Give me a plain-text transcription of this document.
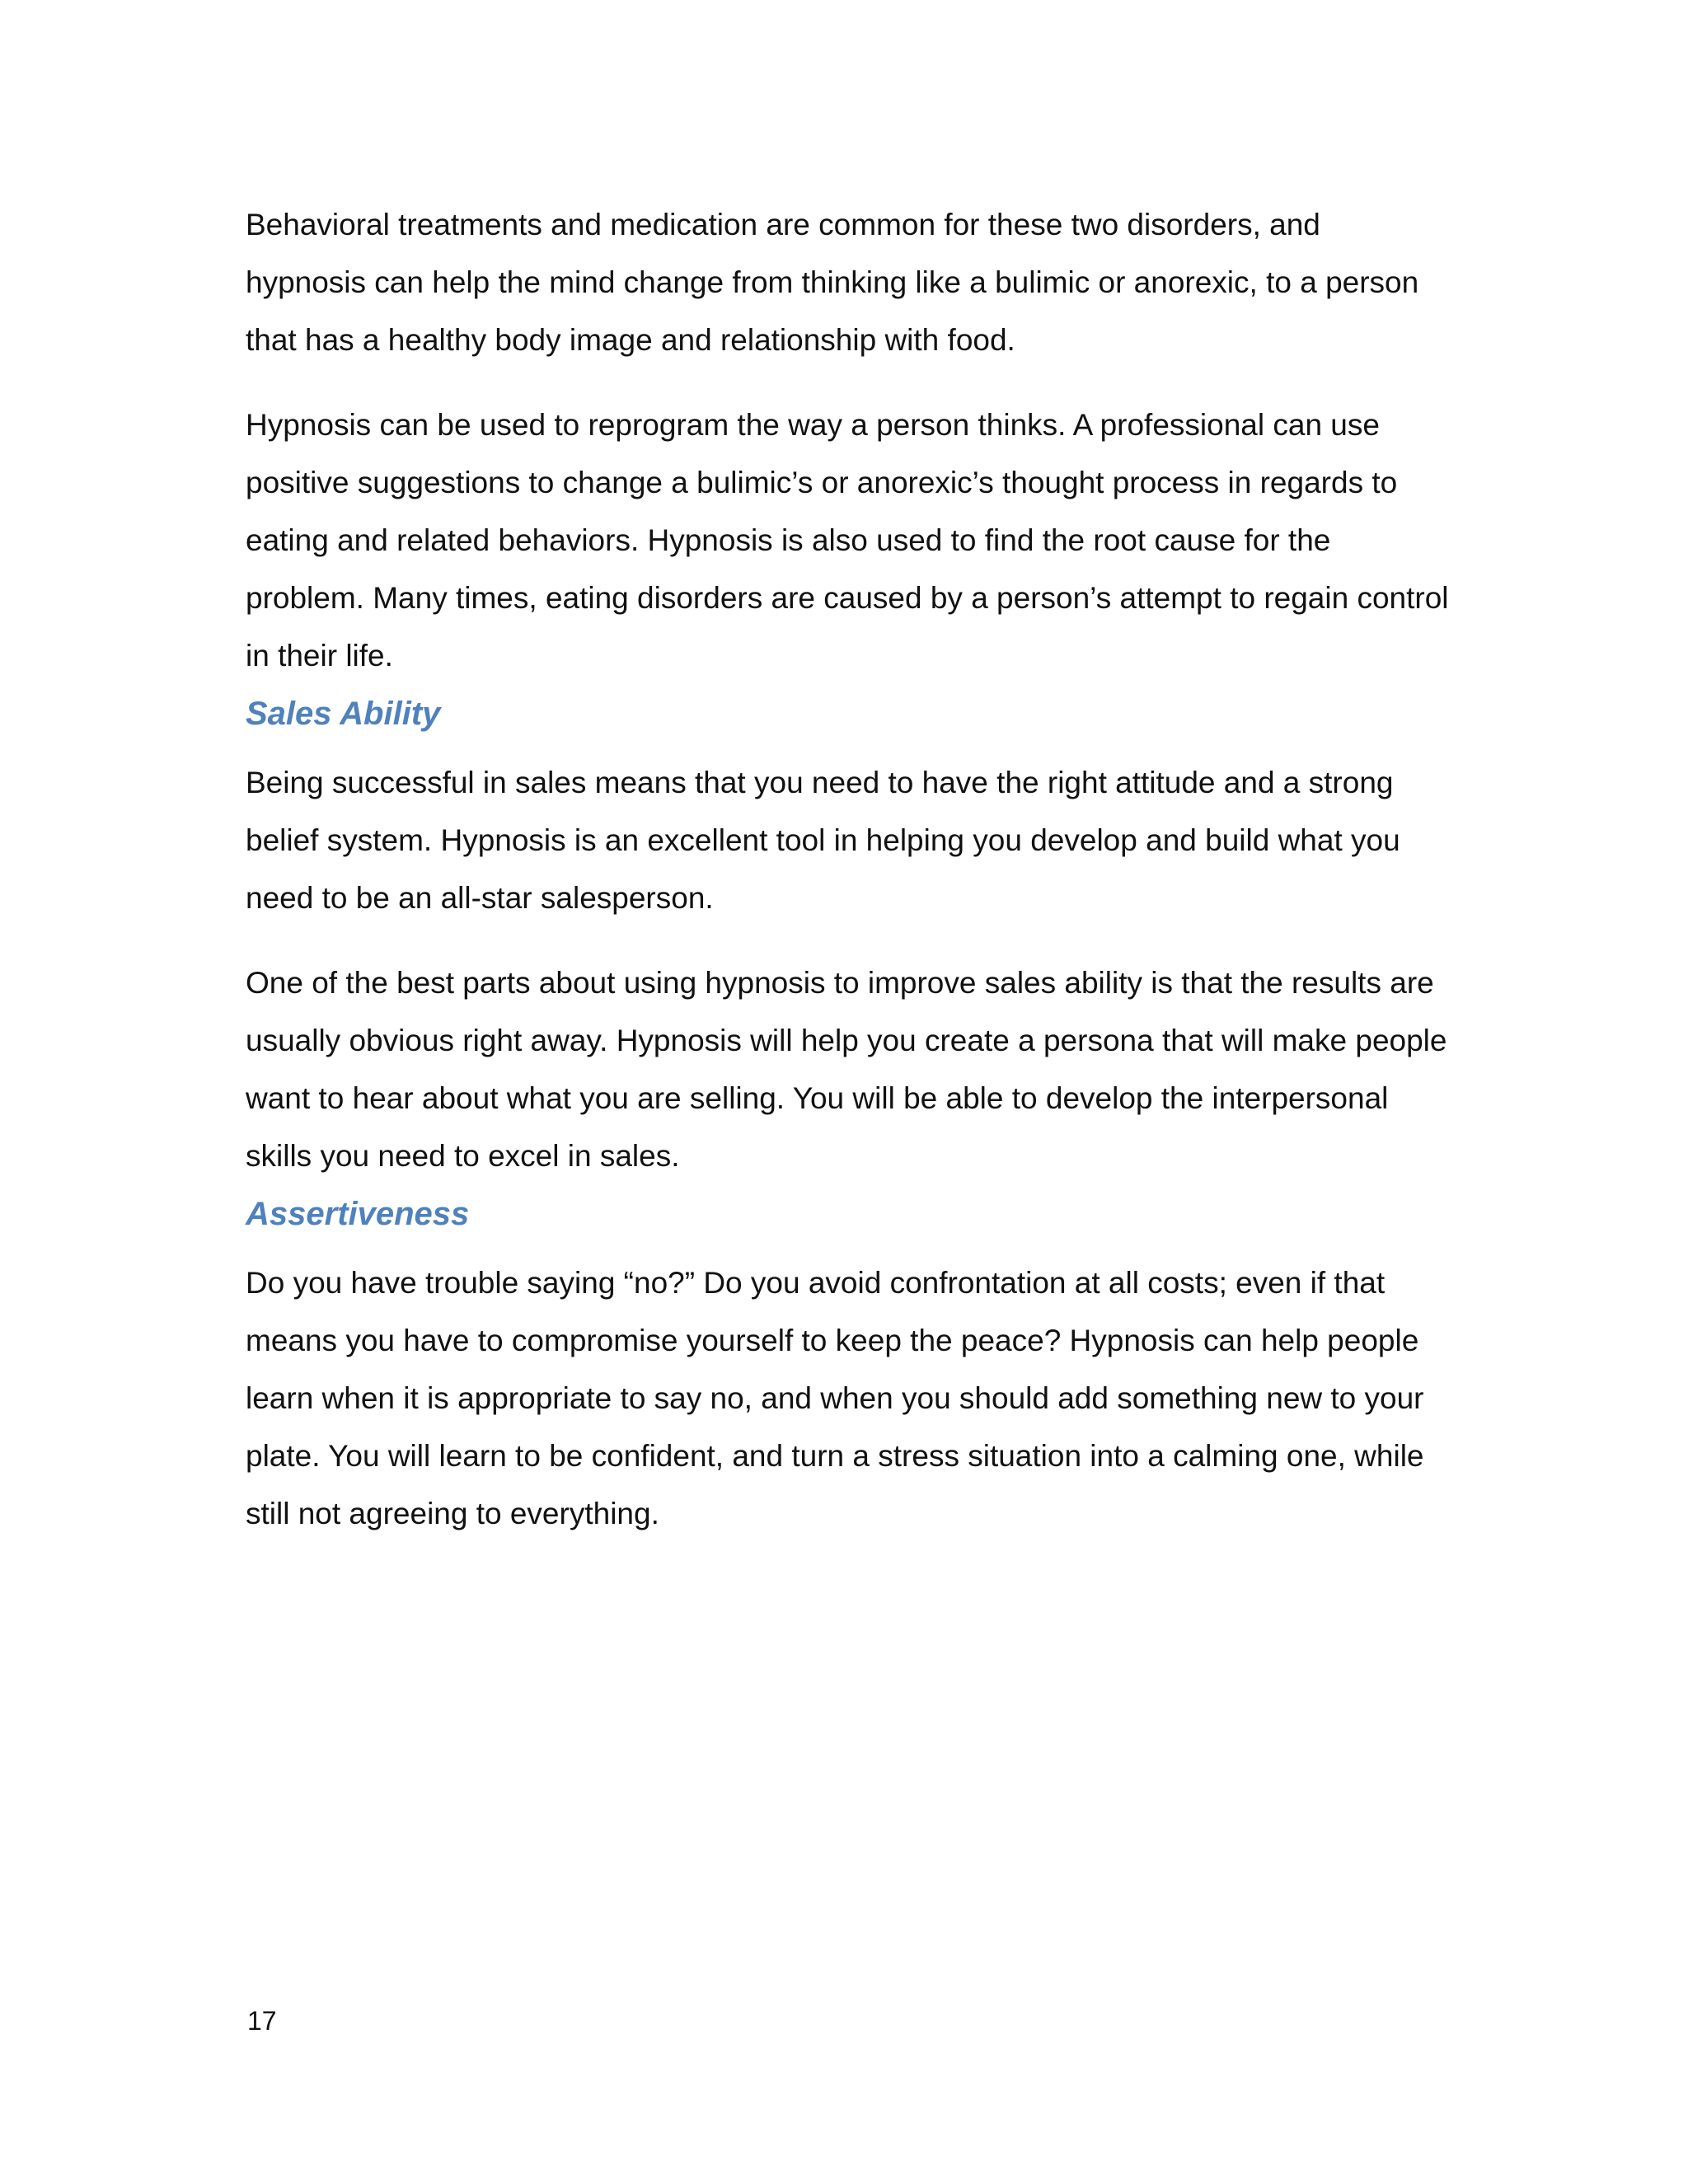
Behavioral treatments and medication are common for these two disorders, and hypnosis can help the mind change from thinking like a bulimic or anorexic, to a person that has a healthy body image and relationship with food.

Hypnosis can be used to reprogram the way a person thinks. A professional can use positive suggestions to change a bulimic’s or anorexic’s thought process in regards to eating and related behaviors. Hypnosis is also used to find the root cause for the problem. Many times, eating disorders are caused by a person’s attempt to regain control in their life.

Sales Ability

Being successful in sales means that you need to have the right attitude and a strong belief system. Hypnosis is an excellent tool in helping you develop and build what you need to be an all-star salesperson.

One of the best parts about using hypnosis to improve sales ability is that the results are usually obvious right away. Hypnosis will help you create a persona that will make people want to hear about what you are selling. You will be able to develop the interpersonal skills you need to excel in sales.

Assertiveness

Do you have trouble saying “no?” Do you avoid confrontation at all costs; even if that means you have to compromise yourself to keep the peace? Hypnosis can help people learn when it is appropriate to say no, and when you should add something new to your plate. You will learn to be confident, and turn a stress situation into a calming one, while still not agreeing to everything.

17
